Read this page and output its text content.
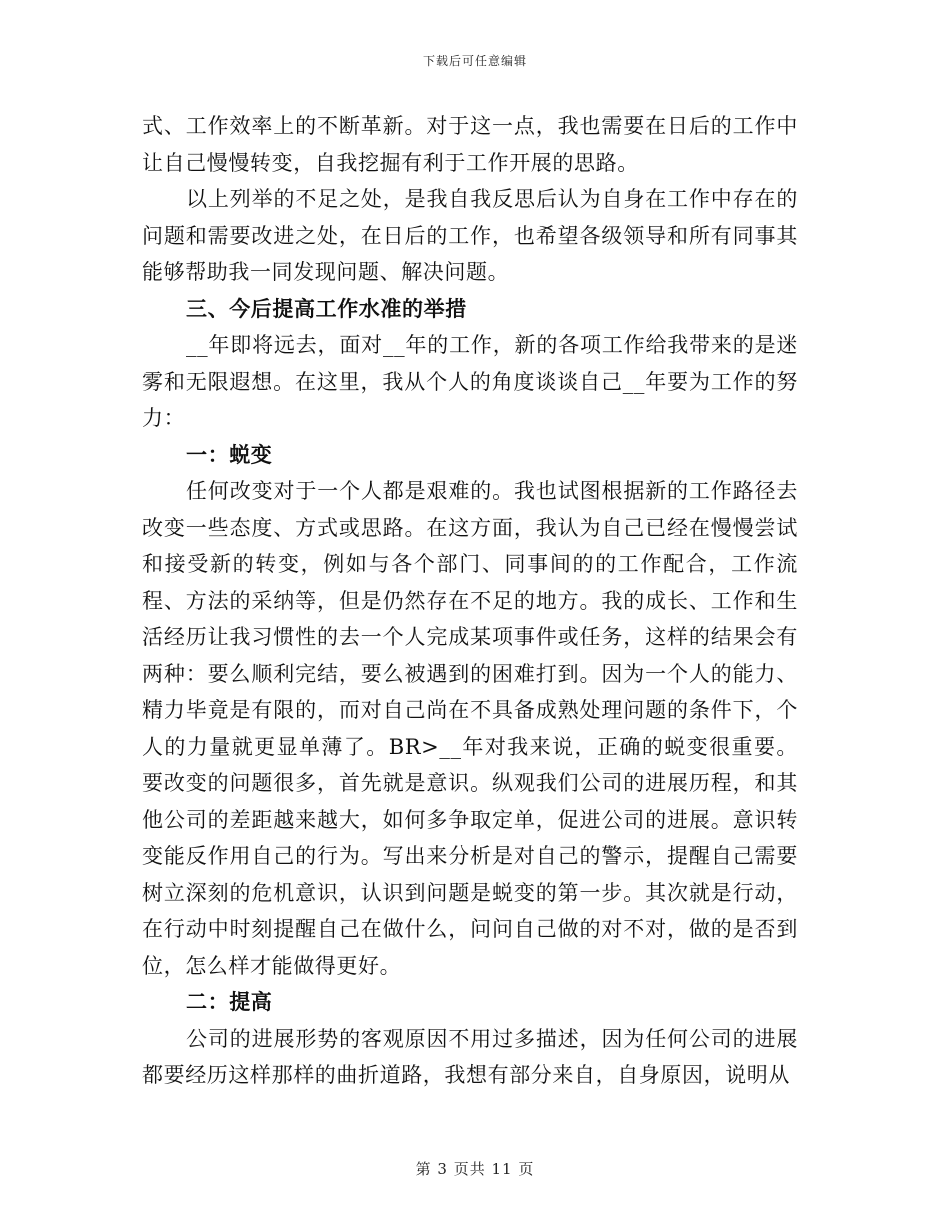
下载后可任意编辑

式、工作效率上的不断革新。对于这一点，我也需要在日后的工作中让自己慢慢转变，自我挖掘有利于工作开展的思路。

以上列举的不足之处，是我自我反思后认为自身在工作中存在的问题和需要改进之处，在日后的工作，也希望各级领导和所有同事其能够帮助我一同发现问题、解决问题。

三、今后提高工作水准的举措

__年即将远去，面对__年的工作，新的各项工作给我带来的是迷雾和无限遐想。在这里，我从个人的角度谈谈自己__年要为工作的努力：

一：蜕变

任何改变对于一个人都是艰难的。我也试图根据新的工作路径去改变一些态度、方式或思路。在这方面，我认为自己已经在慢慢尝试和接受新的转变，例如与各个部门、同事间的的工作配合，工作流程、方法的采纳等，但是仍然存在不足的地方。我的成长、工作和生活经历让我习惯性的去一个人完成某项事件或任务，这样的结果会有两种：要么顺利完结，要么被遇到的困难打到。因为一个人的能力、精力毕竟是有限的，而对自己尚在不具备成熟处理问题的条件下，个人的力量就更显单薄了。BR>__年对我来说，正确的蜕变很重要。要改变的问题很多，首先就是意识。纵观我们公司的进展历程，和其他公司的差距越来越大，如何多争取定单，促进公司的进展。意识转变能反作用自己的行为。写出来分析是对自己的警示，提醒自己需要树立深刻的危机意识，认识到问题是蜕变的第一步。其次就是行动，在行动中时刻提醒自己在做什么，问问自己做的对不对，做的是否到位，怎么样才能做得更好。

二：提高

公司的进展形势的客观原因不用过多描述，因为任何公司的进展都要经历这样那样的曲折道路，我想有部分来自，自身原因，说明从

第 3 页共 11 页
